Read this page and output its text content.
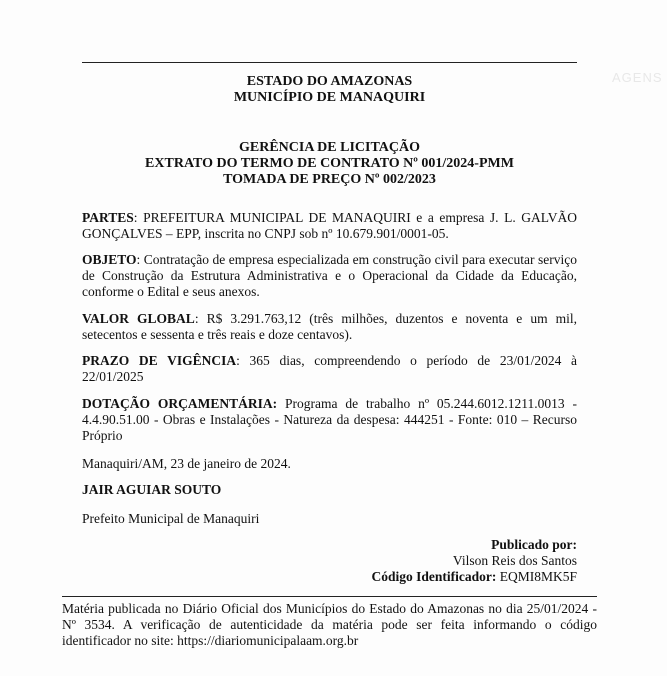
AGENS
ESTADO DO AMAZONAS
MUNICÍPIO DE MANAQUIRI
GERÊNCIA DE LICITAÇÃO
EXTRATO DO TERMO DE CONTRATO Nº 001/2024-PMM
TOMADA DE PREÇO Nº 002/2023
PARTES: PREFEITURA MUNICIPAL DE MANAQUIRI e a empresa J. L. GALVÃO GONÇALVES – EPP, inscrita no CNPJ sob nº 10.679.901/0001-05.
OBJETO: Contratação de empresa especializada em construção civil para executar serviço de Construção da Estrutura Administrativa e o Operacional da Cidade da Educação, conforme o Edital e seus anexos.
VALOR GLOBAL: R$ 3.291.763,12 (três milhões, duzentos e noventa e um mil, setecentos e sessenta e três reais e doze centavos).
PRAZO DE VIGÊNCIA: 365 dias, compreendendo o período de 23/01/2024 à 22/01/2025
DOTAÇÃO ORÇAMENTÁRIA: Programa de trabalho nº 05.244.6012.1211.0013 - 4.4.90.51.00 - Obras e Instalações - Natureza da despesa: 444251 - Fonte: 010 – Recurso Próprio
Manaquiri/AM, 23 de janeiro de 2024.
JAIR AGUIAR SOUTO
Prefeito Municipal de Manaquiri
Publicado por:
Vilson Reis dos Santos
Código Identificador: EQMI8MK5F
Matéria publicada no Diário Oficial dos Municípios do Estado do Amazonas no dia 25/01/2024 - Nº 3534. A verificação de autenticidade da matéria pode ser feita informando o código identificador no site: https://diariomunicipalaam.org.br
